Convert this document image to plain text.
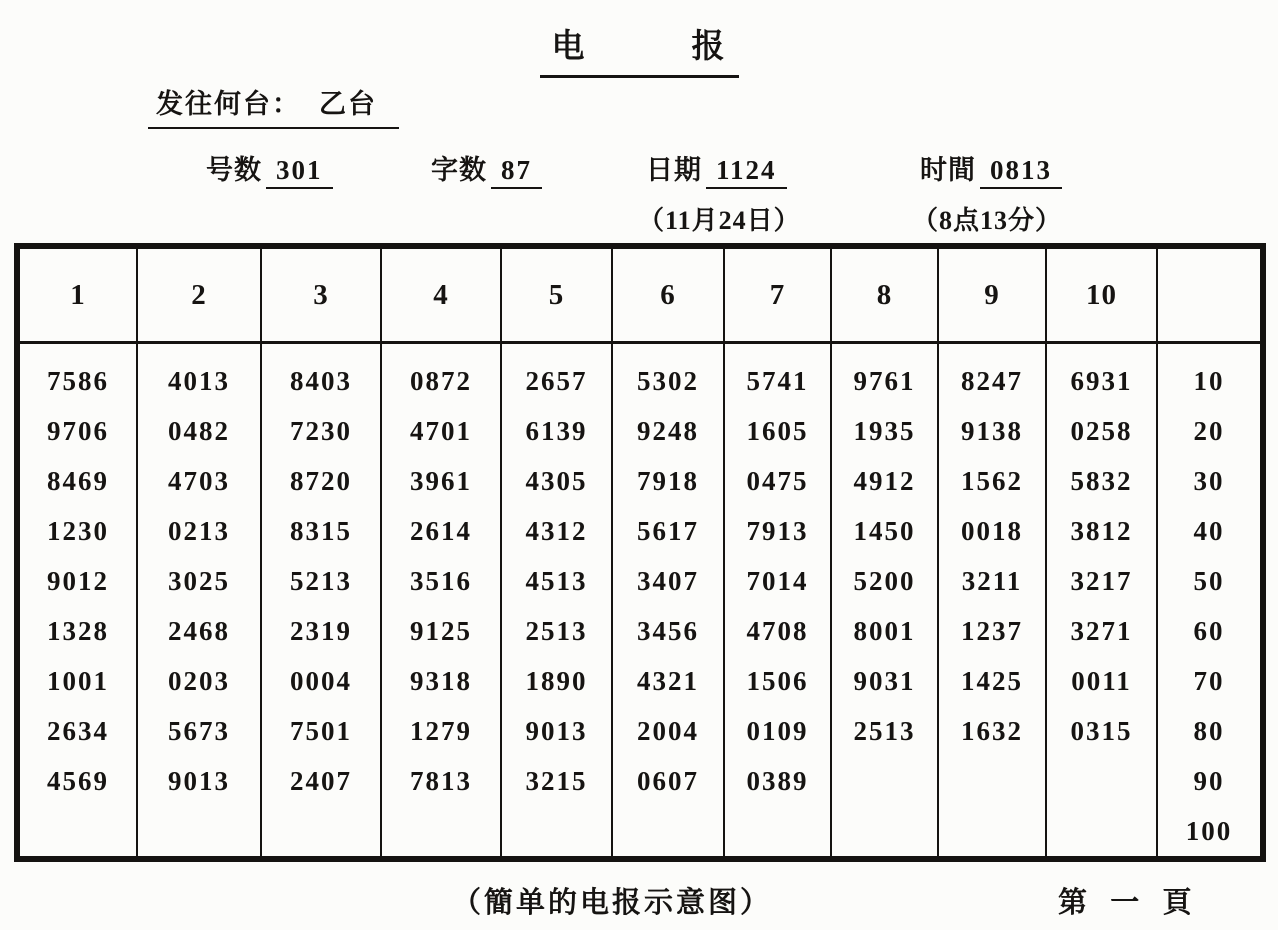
电　　　报
发往何台： 乙台
号数 301	字数 87	日期 1124
（11月24日）
时間 0813
（8点13分）
1	2	3	4	5	6	7	8	9	10	
7586	4013	8403	0872	2657	5302	5741	9761	8247	6931	10
9706	0482	7230	4701	6139	9248	1605	1935	9138	0258	20
8469	4703	8720	3961	4305	7918	0475	4912	1562	5832	30
1230	0213	8315	2614	4312	5617	7913	1450	0018	3812	40
9012	3025	5213	3516	4513	3407	7014	5200	3211	3217	50
1328	2468	2319	9125	2513	3456	4708	8001	1237	3271	60
1001	0203	0004	9318	1890	4321	1506	9031	1425	0011	70
2634	5673	7501	1279	9013	2004	0109	2513	1632	0315	80
4569	9013	2407	7813	3215	0607	0389				90
										100
（簡单的电报示意图）	第 一 頁
